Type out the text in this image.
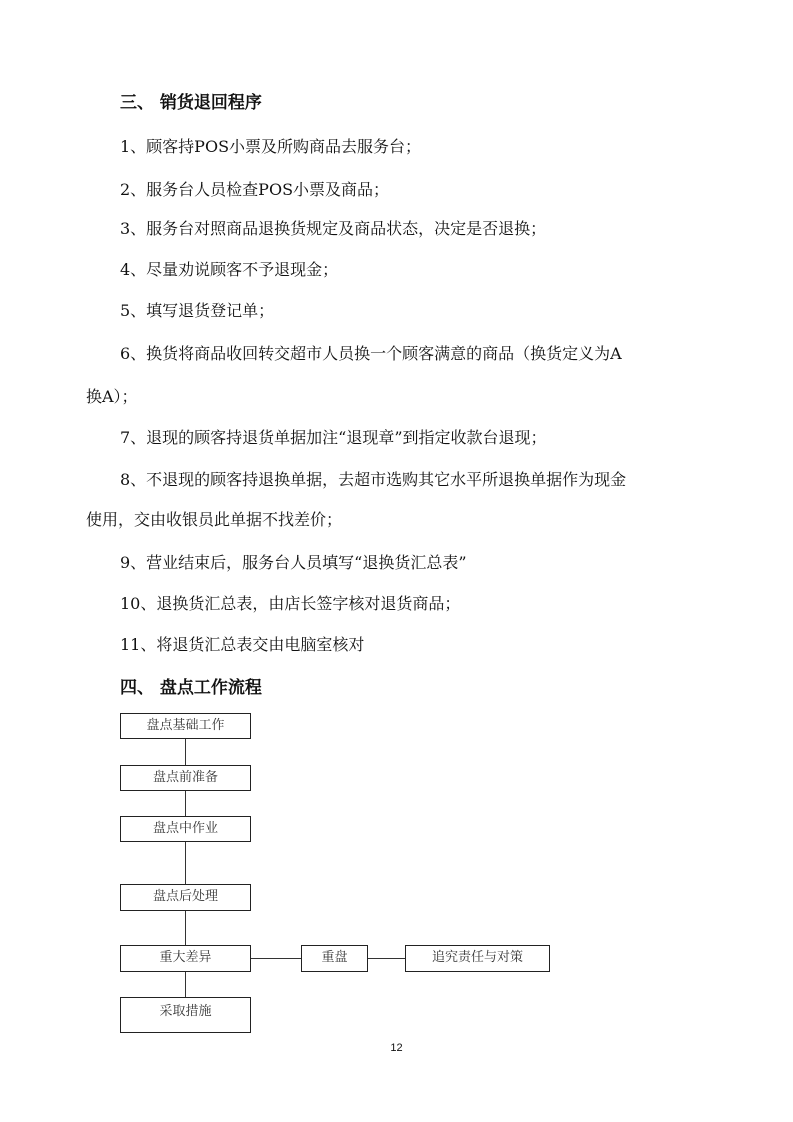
三、 销货退回程序
1、顾客持POS小票及所购商品去服务台；
2、服务台人员检查POS小票及商品；
3、服务台对照商品退换货规定及商品状态，决定是否退换；
4、尽量劝说顾客不予退现金；
5、填写退货登记单；
6、换货将商品收回转交超市人员换一个顾客满意的商品（换货定义为A
换A）；
7、退现的顾客持退货单据加注“退现章”到指定收款台退现；
8、不退现的顾客持退换单据，去超市选购其它水平所退换单据作为现金
使用，交由收银员此单据不找差价；
9、营业结束后，服务台人员填写“退换货汇总表”
10、退换货汇总表，由店长签字核对退货商品；
11、将退货汇总表交由电脑室核对
四、 盘点工作流程
盘点基础工作
盘点前准备
盘点中作业
盘点后处理
重大差异
采取措施
重盘	追究责任与对策
12
